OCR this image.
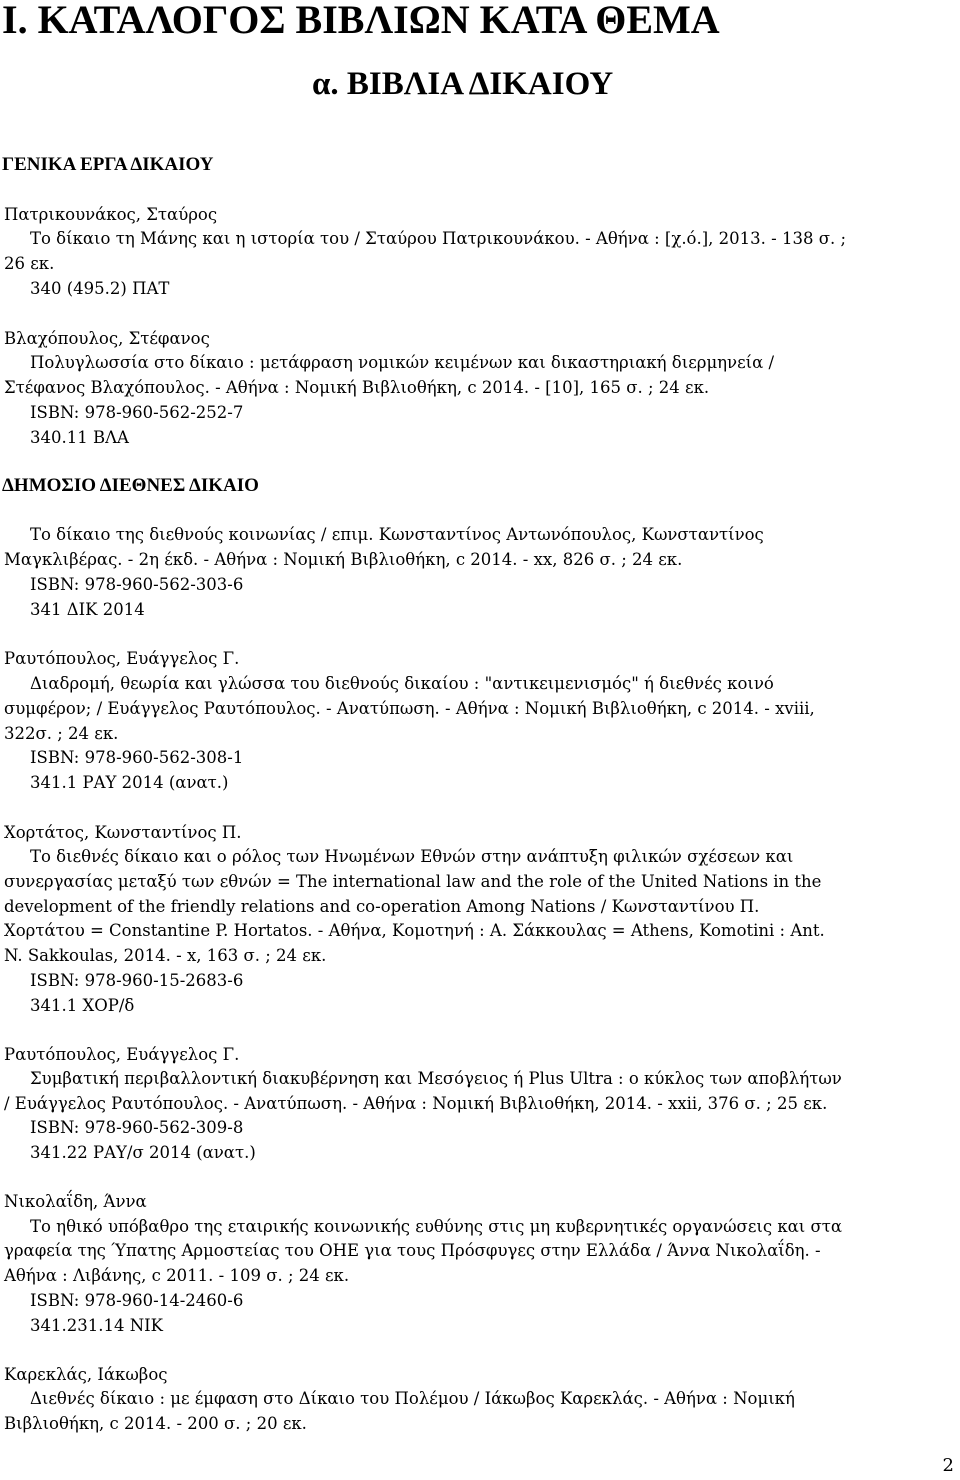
Ι. ΚΑΤΑΛΟΓΟΣ ΒΙΒΛΙΩΝ ΚΑΤΑ ΘΕΜΑ
α. ΒΙΒΛΙΑ ΔΙΚΑΙΟΥ
ΓΕΝΙΚΑ ΕΡΓΑ ΔΙΚΑΙΟΥ
ΔΗΜΟΣΙΟ ΔΙΕΘΝΕΣ ΔΙΚΑΙΟ
Πατρικουνάκος, Σταύρος
Το δίκαιο τη Μάνης και η ιστορία του / Σταύρου Πατρικουνάκου. - Αθήνα : [χ.ό.], 2013. - 138 σ. ;
26 εκ.
340 (495.2) ΠΑΤ
Βλαχόπουλος, Στέφανος
Πολυγλωσσία στο δίκαιο : μετάφραση νομικών κειμένων και δικαστηριακή διερμηνεία /
Στέφανος Βλαχόπουλος. - Αθήνα : Νομική Βιβλιοθήκη, c 2014. - [10], 165 σ. ; 24 εκ.
ISBN: 978-960-562-252-7
340.11 ΒΛΑ
Το δίκαιο της διεθνούς κοινωνίας / επιμ. Κωνσταντίνος Αντωνόπουλος, Κωνσταντίνος
Μαγκλιβέρας. - 2η έκδ. - Αθήνα : Νομική Βιβλιοθήκη, c 2014. - xx, 826 σ. ; 24 εκ.
ISBN: 978-960-562-303-6
341 ΔΙΚ 2014
Ραυτόπουλος, Ευάγγελος Γ.
Διαδρομή, θεωρία και γλώσσα του διεθνούς δικαίου : "αντικειμενισμός" ή διεθνές κοινό
συμφέρον; / Ευάγγελος Ραυτόπουλος. - Ανατύπωση. - Αθήνα : Νομική Βιβλιοθήκη, c 2014. - xviii,
322σ. ; 24 εκ.
ISBN: 978-960-562-308-1
341.1 ΡΑΥ 2014 (ανατ.)
Χορτάτος, Κωνσταντίνος Π.
Το διεθνές δίκαιο και ο ρόλος των Ηνωμένων Εθνών στην ανάπτυξη φιλικών σχέσεων και
συνεργασίας μεταξύ των εθνών = The international law and the role of the United Nations in the
development of the friendly relations and co-operation Among Nations / Κωνσταντίνου Π.
Χορτάτου = Constantine P. Hortatos. - Αθήνα, Κομοτηνή : Α. Σάκκουλας = Athens, Komotini : Ant.
N. Sakkoulas, 2014. - x, 163 σ. ; 24 εκ.
ISBN: 978-960-15-2683-6
341.1 ΧΟΡ/δ
Ραυτόπουλος, Ευάγγελος Γ.
Συμβατική περιβαλλοντική διακυβέρνηση και Μεσόγειος ή Plus Ultra : ο κύκλος των αποβλήτων
/ Ευάγγελος Ραυτόπουλος. - Ανατύπωση. - Αθήνα : Νομική Βιβλιοθήκη, 2014. - xxii, 376 σ. ; 25 εκ.
ISBN: 978-960-562-309-8
341.22 ΡΑΥ/σ 2014 (ανατ.)
Νικολαΐδη, Άννα
Το ηθικό υπόβαθρο της εταιρικής κοινωνικής ευθύνης στις μη κυβερνητικές οργανώσεις και στα
γραφεία της Ύπατης Αρμοστείας του ΟΗΕ για τους Πρόσφυγες στην Ελλάδα / Άννα Νικολαΐδη. -
Αθήνα : Λιβάνης, c 2011. - 109 σ. ; 24 εκ.
ISBN: 978-960-14-2460-6
341.231.14 ΝΙΚ
Καρεκλάς, Ιάκωβος
Διεθνές δίκαιο : με έμφαση στο Δίκαιο του Πολέμου / Ιάκωβος Καρεκλάς. - Αθήνα : Νομική
Βιβλιοθήκη, c 2014. - 200 σ. ; 20 εκ.
2
